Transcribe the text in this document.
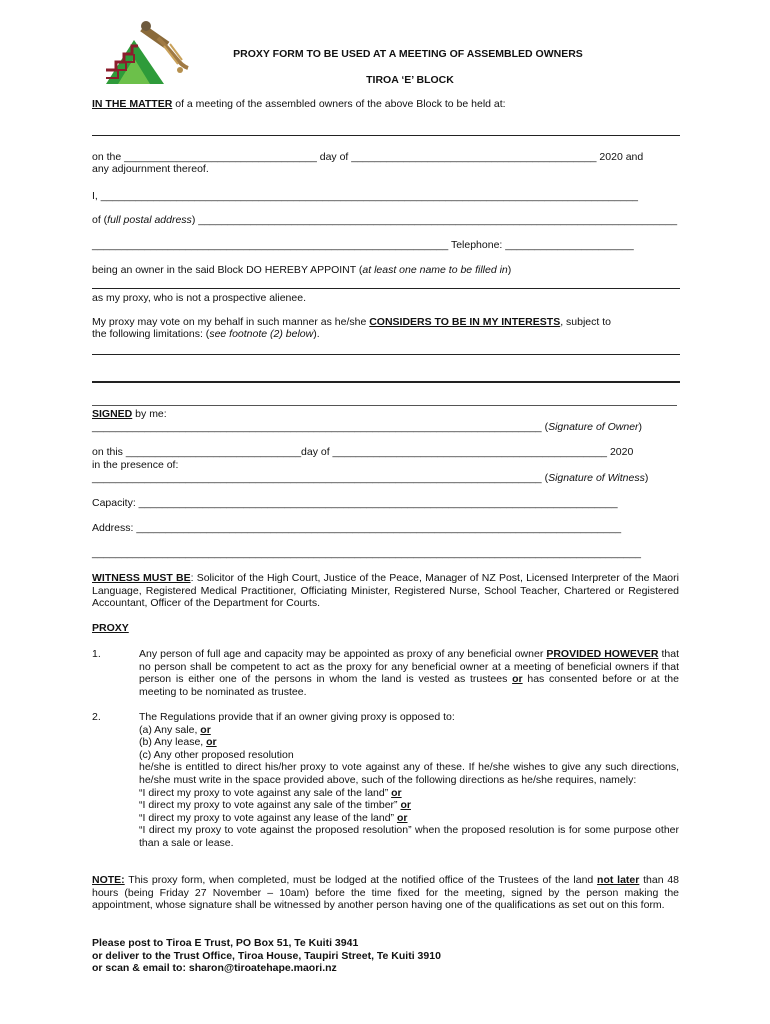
PROXY FORM TO BE USED AT A MEETING OF ASSEMBLED OWNERS
TIROA ‘E’ BLOCK
IN THE MATTER of a meeting of the assembled owners of the above Block to be held at:
on the _________________________________ day of __________________________________________ 2020 and
any adjournment thereof.
I, ____________________________________________________________________________________________
of (full postal address) __________________________________________________________________________________
_____________________________________________________________ Telephone: ______________________
being an owner in the said Block DO HEREBY APPOINT (at least one name to be filled in)
as my proxy, who is not a prospective alienee.
My proxy may vote on my behalf in such manner as he/she CONSIDERS TO BE IN MY INTERESTS, subject to
the following limitations: (see footnote (2) below).
SIGNED by me:
_____________________________________________________________________________ (Signature of Owner)
on this ______________________________day of _______________________________________________ 2020
in the presence of:
_____________________________________________________________________________ (Signature of Witness)
Capacity: __________________________________________________________________________________
Address: ___________________________________________________________________________________
______________________________________________________________________________________________
WITNESS MUST BE: Solicitor of the High Court, Justice of the Peace, Manager of NZ Post, Licensed Interpreter of the Maori Language, Registered Medical Practitioner, Officiating Minister, Registered Nurse, School Teacher, Chartered or Registered Accountant, Officer of the Department for Courts.
PROXY
1.	Any person of full age and capacity may be appointed as proxy of any beneficial owner PROVIDED HOWEVER that no person shall be competent to act as the proxy for any beneficial owner at a meeting of beneficial owners if that person is either one of the persons in whom the land is vested as trustees or has consented before or at the meeting to be nominated as trustee.
2.	The Regulations provide that if an owner giving proxy is opposed to:
(a) Any sale, or
(b) Any lease, or
(c) Any other proposed resolution
he/she is entitled to direct his/her proxy to vote against any of these. If he/she wishes to give any such directions, he/she must write in the space provided above, such of the following directions as he/she requires, namely:
“I direct my proxy to vote against any sale of the land” or
“I direct my proxy to vote against any sale of the timber” or
“I direct my proxy to vote against any lease of the land” or
“I direct my proxy to vote against the proposed resolution” when the proposed resolution is for some purpose other than a sale or lease.
NOTE: This proxy form, when completed, must be lodged at the notified office of the Trustees of the land not later than 48 hours (being Friday 27 November – 10am) before the time fixed for the meeting, signed by the person making the appointment, whose signature shall be witnessed by another person having one of the qualifications as set out on this form.
Please post to Tiroa E Trust, PO Box 51, Te Kuiti 3941
or deliver to the Trust Office, Tiroa House, Taupiri Street, Te Kuiti 3910
or scan & email to: sharon@tiroatehape.maori.nz
